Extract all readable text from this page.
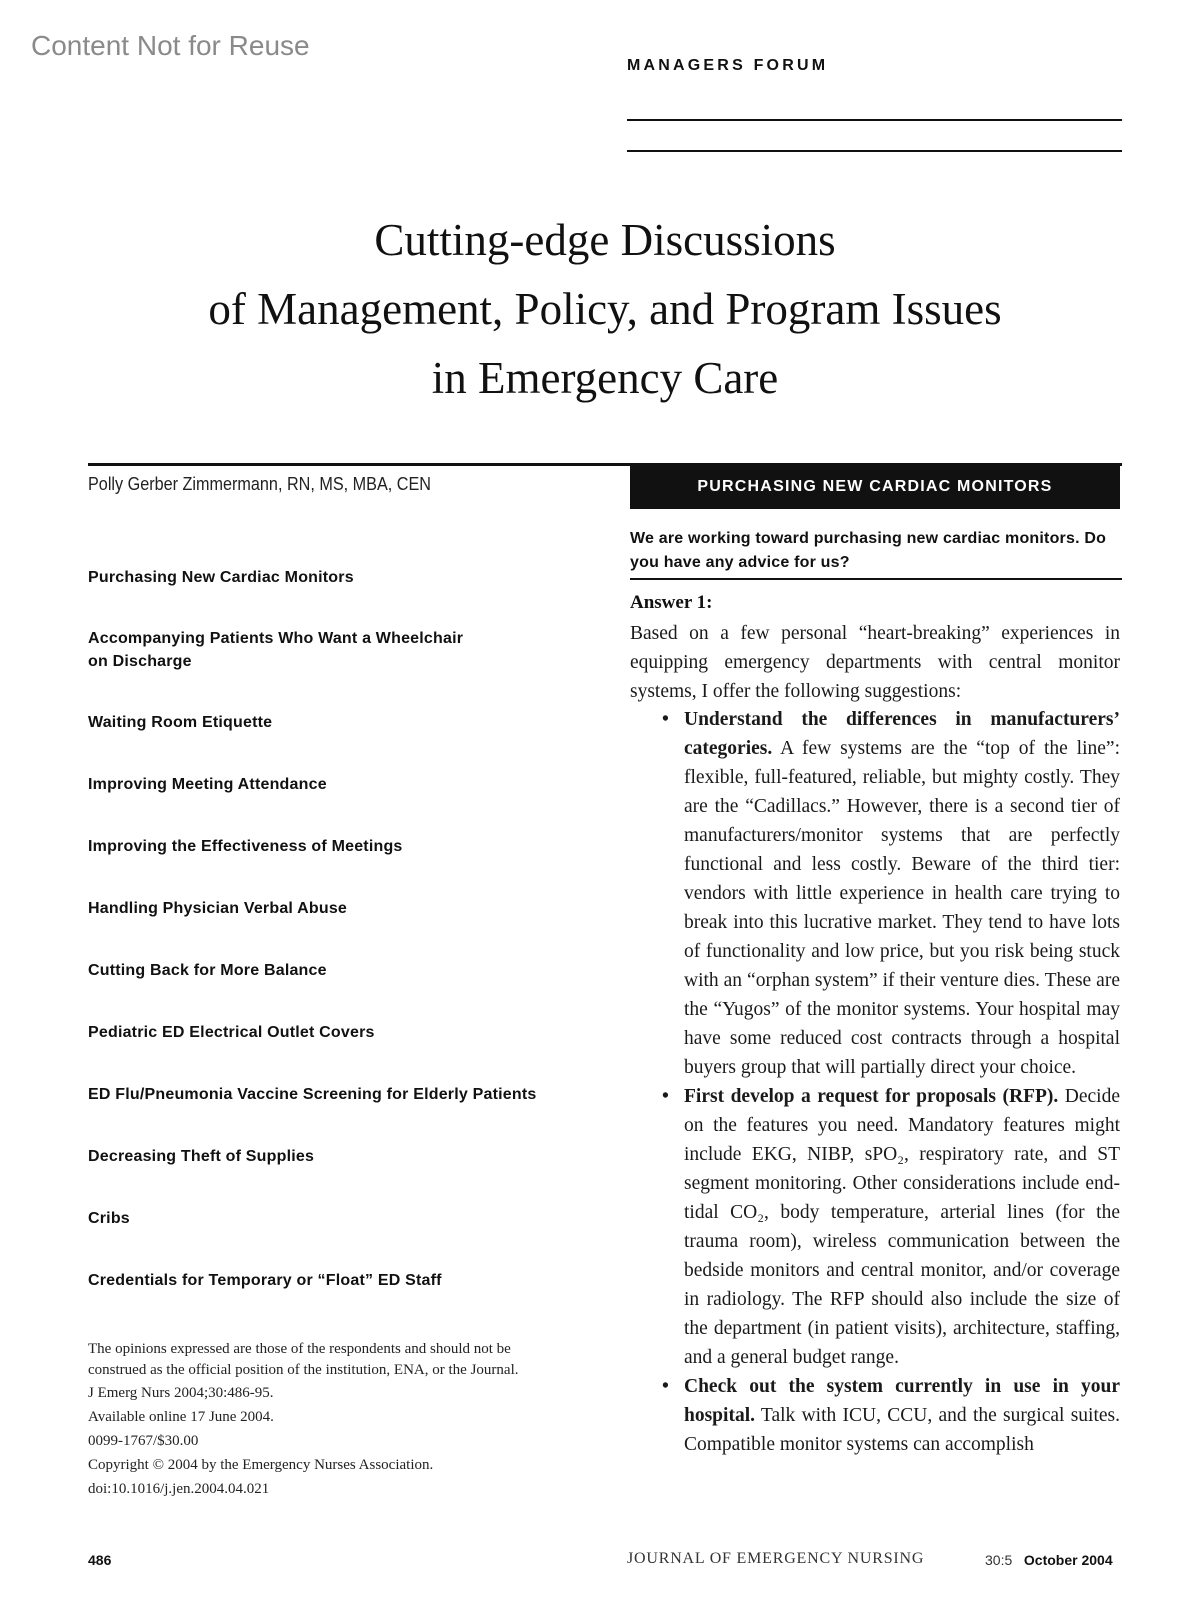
Content Not for Reuse
MANAGERS FORUM
Cutting-edge Discussions
of Management, Policy, and Program Issues
in Emergency Care
Polly Gerber Zimmermann, RN, MS, MBA, CEN
Purchasing New Cardiac Monitors
Accompanying Patients Who Want a Wheelchair
on Discharge
Waiting Room Etiquette
Improving Meeting Attendance
Improving the Effectiveness of Meetings
Handling Physician Verbal Abuse
Cutting Back for More Balance
Pediatric ED Electrical Outlet Covers
ED Flu/Pneumonia Vaccine Screening for Elderly Patients
Decreasing Theft of Supplies
Cribs
Credentials for Temporary or “Float” ED Staff
The opinions expressed are those of the respondents and should not be
construed as the official position of the institution, ENA, or the Journal.
J Emerg Nurs 2004;30:486-95.
Available online 17 June 2004.
0099-1767/$30.00
Copyright © 2004 by the Emergency Nurses Association.
doi:10.1016/j.jen.2004.04.021
PURCHASING NEW CARDIAC MONITORS
We are working toward purchasing new cardiac monitors. Do you have any advice for us?
Answer 1:
Based on a few personal “heart-breaking” experiences in equipping emergency departments with central monitor systems, I offer the following suggestions:
• Understand the differences in manufacturers’ categories. A few systems are the “top of the line”: flexible, full-featured, reliable, but mighty costly. They are the “Cadillacs.” However, there is a second tier of manufacturers/monitor systems that are perfectly functional and less costly. Beware of the third tier: vendors with little experience in health care trying to break into this lucrative market. They tend to have lots of functionality and low price, but you risk being stuck with an “orphan system” if their venture dies. These are the “Yugos” of the monitor systems. Your hospital may have some reduced cost contracts through a hospital buyers group that will partially direct your choice.
• First develop a request for proposals (RFP). Decide on the features you need. Mandatory features might include EKG, NIBP, sPO₂, respiratory rate, and ST segment monitoring. Other considerations include end-tidal CO₂, body temperature, arterial lines (for the trauma room), wireless communication between the bedside monitors and central monitor, and/or coverage in radiology. The RFP should also include the size of the department (in patient visits), architecture, staffing, and a general budget range.
• Check out the system currently in use in your hospital. Talk with ICU, CCU, and the surgical suites. Compatible monitor systems can accomplish
486	JOURNAL OF EMERGENCY NURSING	30:5 October 2004
